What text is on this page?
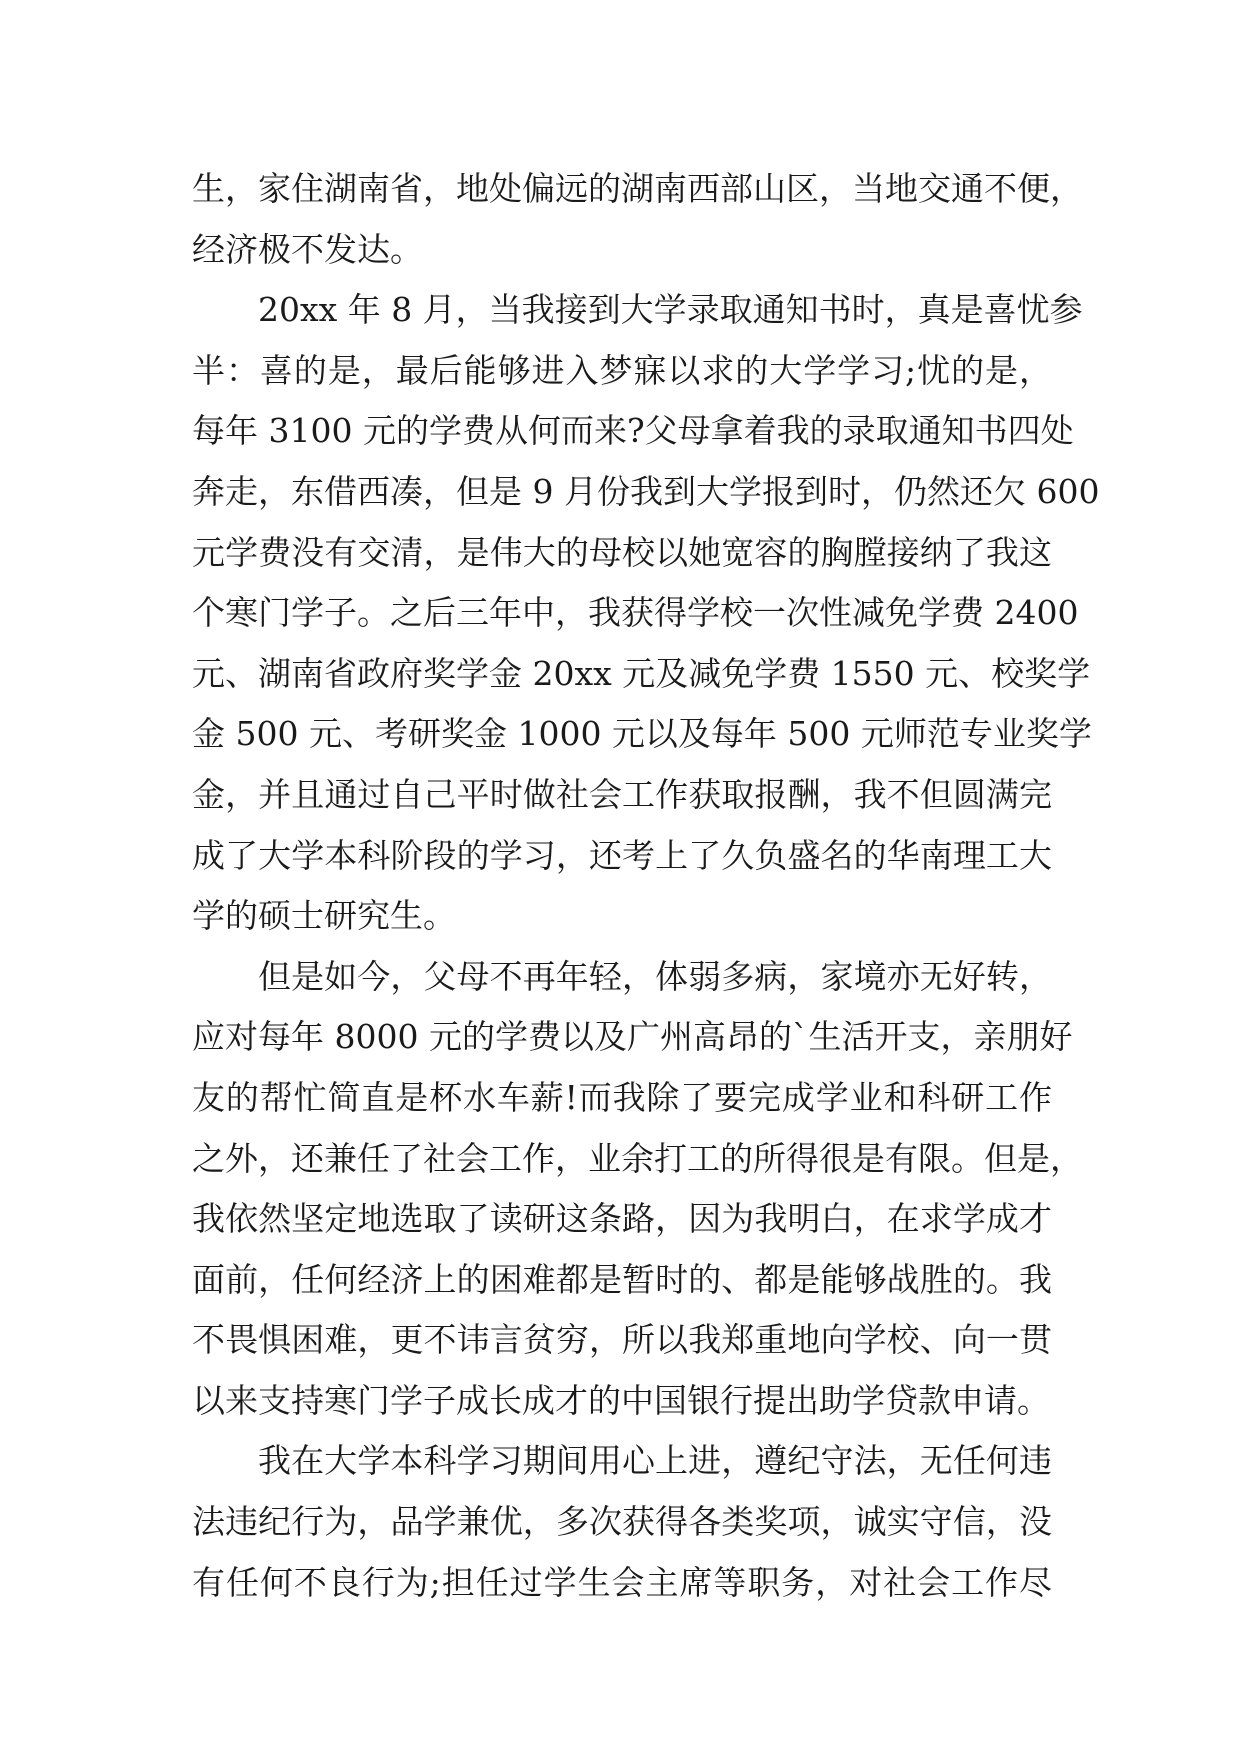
生，家住湖南省，地处偏远的湖南西部山区，当地交通不便，
经济极不发达。
20xx 年 8 月，当我接到大学录取通知书时，真是喜忧参
半：喜的是，最后能够进入梦寐以求的大学学习;忧的是，
每年 3100 元的学费从何而来?父母拿着我的录取通知书四处
奔走，东借西凑，但是 9 月份我到大学报到时，仍然还欠 600
元学费没有交清，是伟大的母校以她宽容的胸膛接纳了我这
个寒门学子。之后三年中，我获得学校一次性减免学费 2400
元、湖南省政府奖学金 20xx 元及减免学费 1550 元、校奖学
金 500 元、考研奖金 1000 元以及每年 500 元师范专业奖学
金，并且通过自己平时做社会工作获取报酬，我不但圆满完
成了大学本科阶段的学习，还考上了久负盛名的华南理工大
学的硕士研究生。
但是如今，父母不再年轻，体弱多病，家境亦无好转，
应对每年 8000 元的学费以及广州高昂的`生活开支，亲朋好
友的帮忙简直是杯水车薪!而我除了要完成学业和科研工作
之外，还兼任了社会工作，业余打工的所得很是有限。但是，
我依然坚定地选取了读研这条路，因为我明白，在求学成才
面前，任何经济上的困难都是暂时的、都是能够战胜的。我
不畏惧困难，更不讳言贫穷，所以我郑重地向学校、向一贯
以来支持寒门学子成长成才的中国银行提出助学贷款申请。
我在大学本科学习期间用心上进，遵纪守法，无任何违
法违纪行为，品学兼优，多次获得各类奖项，诚实守信，没
有任何不良行为;担任过学生会主席等职务，对社会工作尽
